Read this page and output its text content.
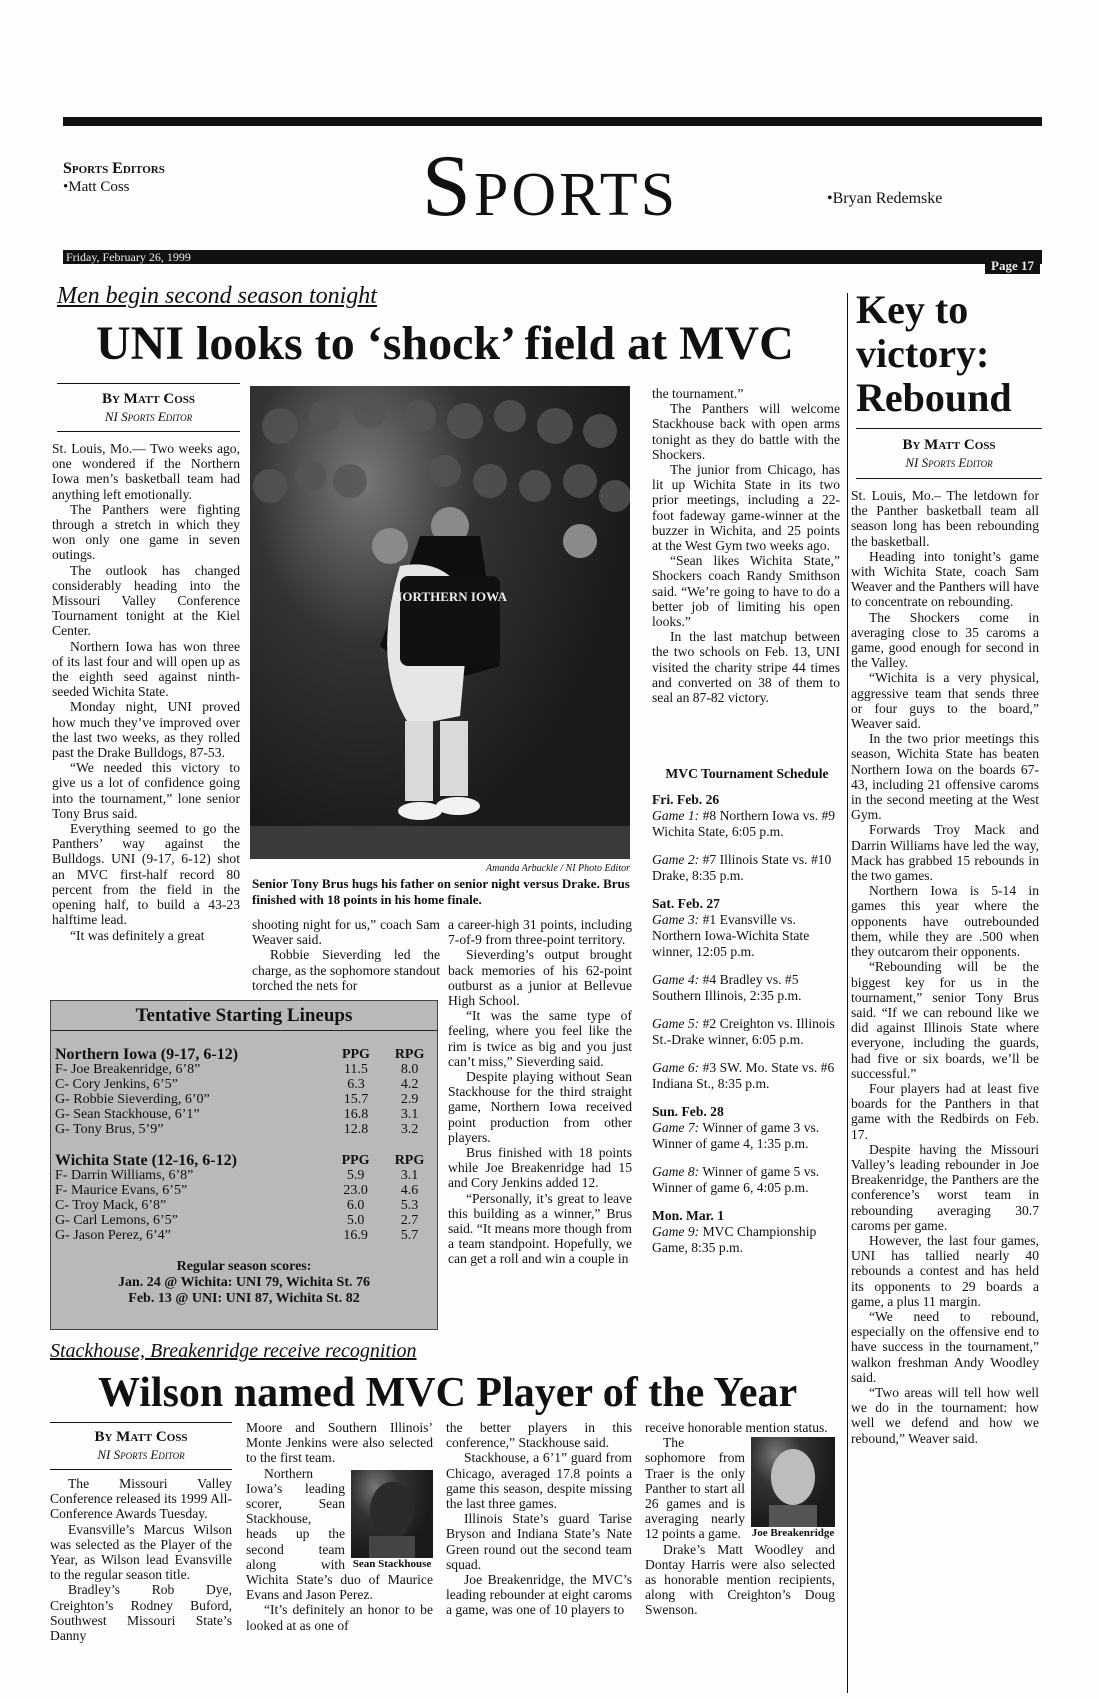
Sports Editors
•Matt Coss	Sports	•Bryan Redemske
Friday, February 26, 1999
Page 17
Men begin second season tonight
UNI looks to ‘shock’ field at MVC
By Matt Coss
NI Sports Editor

St. Louis, Mo.— Two weeks ago, one wondered if the Northern Iowa men’s basketball team had anything left emotionally.

The Panthers were fighting through a stretch in which they won only one game in seven outings.

The outlook has changed considerably heading into the Missouri Valley Conference Tournament tonight at the Kiel Center.

Northern Iowa has won three of its last four and will open up as the eighth seed against ninth-seeded Wichita State.

Monday night, UNI proved how much they’ve improved over the last two weeks, as they rolled past the Drake Bulldogs, 87-53.

“We needed this victory to give us a lot of confidence going into the tournament,” lone senior Tony Brus said.

Everything seemed to go the Panthers’ way against the Bulldogs. UNI (9-17, 6-12) shot an MVC first-half record 80 percent from the field in the opening half, to build a 43-23 halftime lead.

“It was definitely a great

NORTHERN IOWA
Amanda Arbuckle / NI Photo Editor
Senior Tony Brus hugs his father on senior night versus Drake. Brus finished with 18 points in his home finale.

shooting night for us,” coach Sam Weaver said.

Robbie Sieverding led the charge, as the sophomore standout torched the nets for

a career-high 31 points, including 7-of-9 from three-point territory.

Sieverding’s output brought back memories of his 62-point outburst as a junior at Bellevue High School.

“It was the same type of feeling, where you feel like the rim is twice as big and you just can’t miss,” Sieverding said.

Despite playing without Sean Stackhouse for the third straight game, Northern Iowa received point production from other players.

Brus finished with 18 points while Joe Breakenridge had 15 and Cory Jenkins added 12.

“Personally, it’s great to leave this building as a winner,” Brus said. “It means more though from a team standpoint. Hopefully, we can get a roll and win a couple in

the tournament.”

The Panthers will welcome Stackhouse back with open arms tonight as they do battle with the Shockers.

The junior from Chicago, has lit up Wichita State in its two prior meetings, including a 22-foot fadeway game-winner at the buzzer in Wichita, and 25 points at the West Gym two weeks ago.

“Sean likes Wichita State,” Shockers coach Randy Smithson said. “We’re going to have to do a better job of limiting his open looks.”

In the last matchup between the two schools on Feb. 13, UNI visited the charity stripe 44 times and converted on 38 of them to seal an 87-82 victory.

MVC Tournament Schedule
Fri. Feb. 26
Game 1: #8 Northern Iowa vs. #9 Wichita State, 6:05 p.m.
Game 2: #7 Illinois State vs. #10 Drake, 8:35 p.m.
Sat. Feb. 27
Game 3: #1 Evansville vs. Northern Iowa-Wichita State winner, 12:05 p.m.
Game 4: #4 Bradley vs. #5 Southern Illinois, 2:35 p.m.
Game 5: #2 Creighton vs. Illinois St.-Drake winner, 6:05 p.m.
Game 6: #3 SW. Mo. State vs. #6 Indiana St., 8:35 p.m.
Sun. Feb. 28
Game 7: Winner of game 3 vs. Winner of game 4, 1:35 p.m.
Game 8: Winner of game 5 vs. Winner of game 6, 4:05 p.m.
Mon. Mar. 1
Game 9: MVC Championship Game, 8:35 p.m.
Tentative Starting Lineups
Northern Iowa (9-17, 6-12)	PPG	RPG
F- Joe Breakenridge, 6’8”	11.5	8.0
C- Cory Jenkins, 6’5”	6.3	4.2
G- Robbie Sieverding, 6’0”	15.7	2.9
G- Sean Stackhouse, 6’1”	16.8	3.1
G- Tony Brus, 5’9”	12.8	3.2
Wichita State (12-16, 6-12)	PPG	RPG
F- Darrin Williams, 6’8”	5.9	3.1
F- Maurice Evans, 6’5”	23.0	4.6
C- Troy Mack, 6’8”	6.0	5.3
G- Carl Lemons, 6’5”	5.0	2.7
G- Jason Perez, 6’4”	16.9	5.7
Regular season scores:
Jan. 24 @ Wichita: UNI 79, Wichita St. 76
Feb. 13 @ UNI: UNI 87, Wichita St. 82
Key to victory: Rebound
By Matt Coss
NI Sports Editor

St. Louis, Mo.– The letdown for the Panther basketball team all season long has been rebounding the basketball.

Heading into tonight’s game with Wichita State, coach Sam Weaver and the Panthers will have to concentrate on rebounding.

The Shockers come in averaging close to 35 caroms a game, good enough for second in the Valley.

“Wichita is a very physical, aggressive team that sends three or four guys to the board,” Weaver said.

In the two prior meetings this season, Wichita State has beaten Northern Iowa on the boards 67-43, including 21 offensive caroms in the second meeting at the West Gym.

Forwards Troy Mack and Darrin Williams have led the way, Mack has grabbed 15 rebounds in the two games.

Northern Iowa is 5-14 in games this year where the opponents have outrebounded them, while they are .500 when they outcarom their opponents.

“Rebounding will be the biggest key for us in the tournament,” senior Tony Brus said. “If we can rebound like we did against Illinois State where everyone, including the guards, had five or six boards, we’ll be successful.”

Four players had at least five boards for the Panthers in that game with the Redbirds on Feb. 17.

Despite having the Missouri Valley’s leading rebounder in Joe Breakenridge, the Panthers are the conference’s worst team in rebounding averaging 30.7 caroms per game.

However, the last four games, UNI has tallied nearly 40 rebounds a contest and has held its opponents to 29 boards a game, a plus 11 margin.

“We need to rebound, especially on the offensive end to have success in the tournament,” walkon freshman Andy Woodley said.

“Two areas will tell how well we do in the tournament: how well we defend and how we rebound,” Weaver said.

Stackhouse, Breakenridge receive recognition
Wilson named MVC Player of the Year
By Matt Coss
NI Sports Editor

The Missouri Valley Conference released its 1999 All-Conference Awards Tuesday.

Evansville’s Marcus Wilson was selected as the Player of the Year, as Wilson lead Evansville to the regular season title.

Bradley’s Rob Dye, Creighton’s Rodney Buford, Southwest Missouri State’s Danny

Moore and Southern Illinois’ Monte Jenkins were also selected to the first team.

Sean Stackhouse

Northern Iowa’s leading scorer, Sean Stackhouse, heads up the second team along with Wichita State’s duo of Maurice Evans and Jason Perez.

“It’s definitely an honor to be looked at as one of

the better players in this conference,” Stackhouse said.

Stackhouse, a 6’1” guard from Chicago, averaged 17.8 points a game this season, despite missing the last three games.

Illinois State’s guard Tarise Bryson and Indiana State’s Nate Green round out the second team squad.

Joe Breakenridge, the MVC’s leading rebounder at eight caroms a game, was one of 10 players to

receive honorable mention status.

Joe Breakenridge

The sophomore from Traer is the only Panther to start all 26 games and is averaging nearly 12 points a game.

Drake’s Matt Woodley and Dontay Harris were also selected as honorable mention recipients, along with Creighton’s Doug Swenson.
